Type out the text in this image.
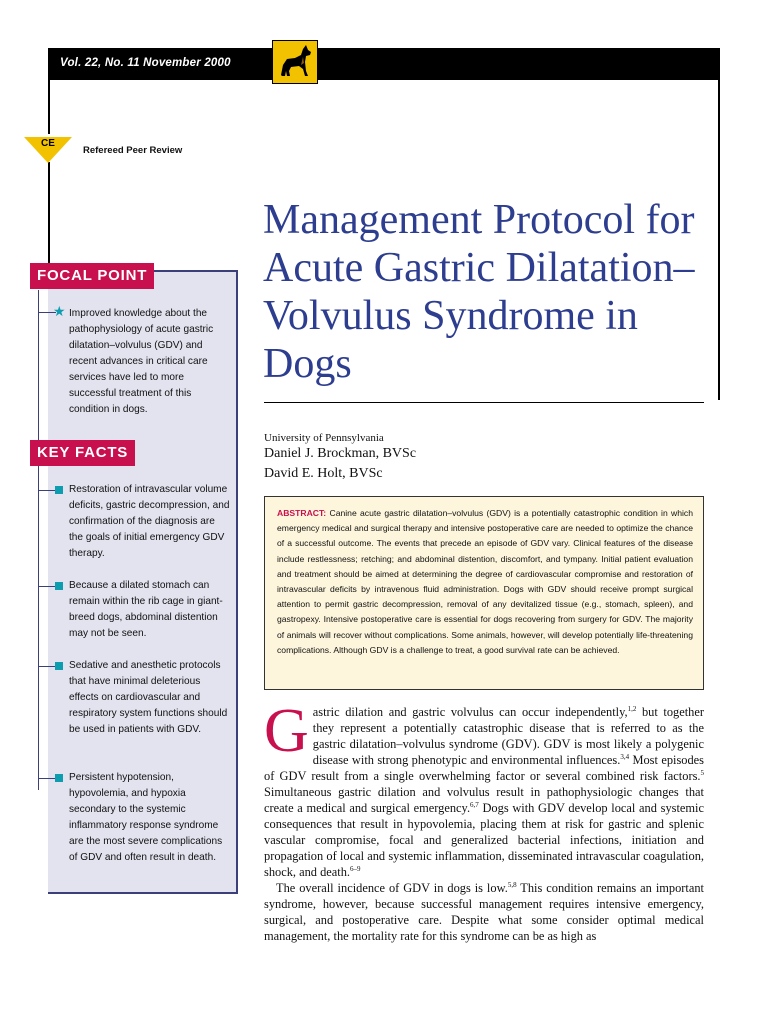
Vol. 22, No. 11 November 2000
CE
Refereed Peer Review
Management Protocol for Acute Gastric Dilatation–Volvulus Syndrome in Dogs
University of Pennsylvania
Daniel J. Brockman, BVSc
David E. Holt, BVSc
ABSTRACT: Canine acute gastric dilatation–volvulus (GDV) is a potentially catastrophic condition in which emergency medical and surgical therapy and intensive postoperative care are needed to optimize the chance of a successful outcome. The events that precede an episode of GDV vary. Clinical features of the disease include restlessness; retching; and abdominal distention, discomfort, and tympany. Initial patient evaluation and treatment should be aimed at determining the degree of cardiovascular compromise and restoration of intravascular deficits by intravenous fluid administration. Dogs with GDV should receive prompt surgical attention to permit gastric decompression, removal of any devitalized tissue (e.g., stomach, spleen), and gastropexy. Intensive postoperative care is essential for dogs recovering from surgery for GDV. The majority of animals will recover without complications. Some animals, however, will develop potentially life-threatening complications. Although GDV is a challenge to treat, a good survival rate can be achieved.
FOCAL POINT
★ Improved knowledge about the pathophysiology of acute gastric dilatation–volvulus (GDV) and recent advances in critical care services have led to more successful treatment of this condition in dogs.
KEY FACTS
Restoration of intravascular volume deficits, gastric decompression, and confirmation of the diagnosis are the goals of initial emergency GDV therapy.
Because a dilated stomach can remain within the rib cage in giant-breed dogs, abdominal distention may not be seen.
Sedative and anesthetic protocols that have minimal deleterious effects on cardiovascular and respiratory system functions should be used in patients with GDV.
Persistent hypotension, hypovolemia, and hypoxia secondary to the systemic inflammatory response syndrome are the most severe complications of GDV and often result in death.

Gastric dilation and gastric volvulus can occur independently,$^{1,2}$ but together they represent a potentially catastrophic disease that is referred to as the gastric dilatation–volvulus syndrome (GDV). GDV is most likely a polygenic disease with strong phenotypic and environmental influences.$^{3,4}$ Most episodes of GDV result from a single overwhelming factor or several combined risk factors.$^5$ Simultaneous gastric dilation and volvulus result in pathophysiologic changes that create a medical and surgical emergency.$^{6,7}$ Dogs with GDV develop local and systemic consequences that result in hypovolemia, placing them at risk for gastric and splenic vascular compromise, focal and generalized bacterial infections, initiation and propagation of local and systemic inflammation, disseminated intravascular coagulation, shock, and death.$^{6-9}$

The overall incidence of GDV in dogs is low.$^{5,8}$ This condition remains an important syndrome, however, because successful management requires intensive emergency, surgical, and postoperative care. Despite what some consider optimal medical management, the mortality rate for this syndrome can be as high as
